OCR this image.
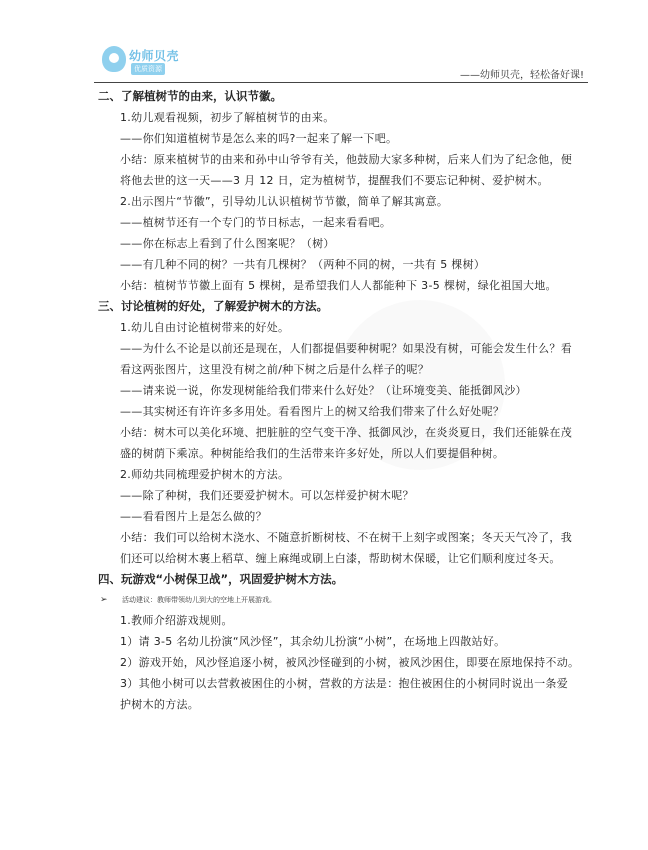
幼师贝壳
优质资源
——幼师贝壳，轻松备好课!
二、了解植树节的由来，认识节徽。
1.幼儿观看视频，初步了解植树节的由来。
——你们知道植树节是怎么来的吗?一起来了解一下吧。
小结：原来植树节的由来和孙中山爷爷有关，他鼓励大家多种树，后来人们为了纪念他，便
将他去世的这一天——3 月 12 日，定为植树节，提醒我们不要忘记种树、爱护树木。
2.出示图片“节徽”，引导幼儿认识植树节节徽，简单了解其寓意。
——植树节还有一个专门的节日标志，一起来看看吧。
——你在标志上看到了什么图案呢？（树）
——有几种不同的树？一共有几棵树？（两种不同的树，一共有 5 棵树）
小结：植树节节徽上面有 5 棵树，是希望我们人人都能种下 3-5 棵树，绿化祖国大地。
三、讨论植树的好处，了解爱护树木的方法。
1.幼儿自由讨论植树带来的好处。
——为什么不论是以前还是现在，人们都提倡要种树呢？如果没有树，可能会发生什么？看
看这两张图片，这里没有树之前/种下树之后是什么样子的呢？
——请来说一说，你发现树能给我们带来什么好处？（让环境变美、能抵御风沙）
——其实树还有许许多多用处。看看图片上的树又给我们带来了什么好处呢？
小结：树木可以美化环境、把脏脏的空气变干净、抵御风沙，在炎炎夏日，我们还能躲在茂
盛的树荫下乘凉。种树能给我们的生活带来许多好处，所以人们要提倡种树。
2.师幼共同梳理爱护树木的方法。
——除了种树，我们还要爱护树木。可以怎样爱护树木呢？
——看看图片上是怎么做的？
小结：我们可以给树木浇水、不随意折断树枝、不在树干上刻字或图案；冬天天气冷了，我
们还可以给树木裹上稻草、缠上麻绳或刷上白漆，帮助树木保暖，让它们顺利度过冬天。
四、玩游戏“小树保卫战”，巩固爱护树木方法。
➢ 活动建议：教师带领幼儿到大的空地上开展游戏。
1.教师介绍游戏规则。
1）请 3-5 名幼儿扮演“风沙怪”，其余幼儿扮演“小树”，在场地上四散站好。
2）游戏开始，风沙怪追逐小树，被风沙怪碰到的小树，被风沙困住，即要在原地保持不动。
3）其他小树可以去营救被困住的小树，营救的方法是：抱住被困住的小树同时说出一条爱
护树木的方法。
